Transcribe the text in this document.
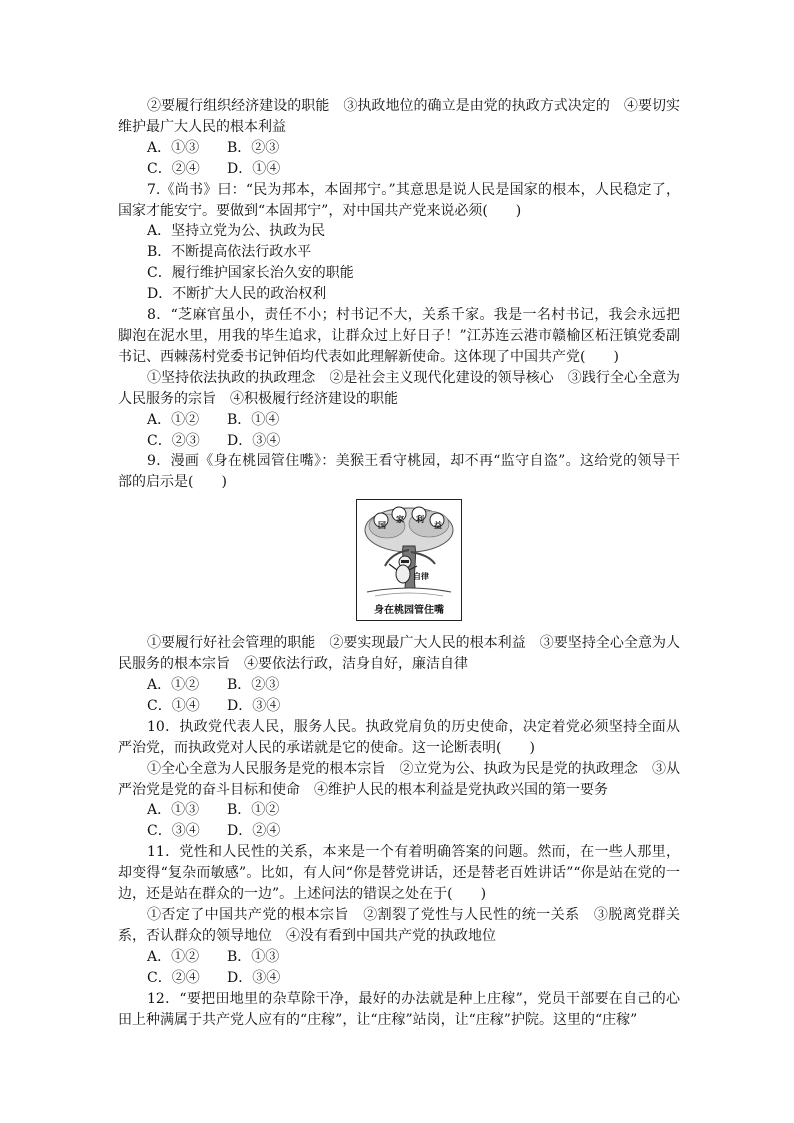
②要履行组织经济建设的职能　③执政地位的确立是由党的执政方式决定的　④要切实维护最广大人民的根本利益

A．①③ B．②③

C．②④ D．①④

7.《尚书》曰：“民为邦本，本固邦宁。”其意思是说人民是国家的根本，人民稳定了，国家才能安宁。要做到“本固邦宁”，对中国共产党来说必须(　　)

A．坚持立党为公、执政为民

B．不断提高依法行政水平

C．履行维护国家长治久安的职能

D．不断扩大人民的政治权利

8．“芝麻官虽小，责任不小；村书记不大，关系千家。我是一名村书记，我会永远把脚泡在泥水里，用我的毕生追求，让群众过上好日子！”江苏连云港市赣榆区柘汪镇党委副书记、西棘荡村党委书记钟佰均代表如此理解新使命。这体现了中国共产党(　　)

①坚持依法执政的执政理念　②是社会主义现代化建设的领导核心　③践行全心全意为人民服务的宗旨　④积极履行经济建设的职能

A．①② B．①④

C．②③ D．③④

9．漫画《身在桃园管住嘴》：美猴王看守桃园，却不再“监守自盗”。这给党的领导干部的启示是(　　)

国
家 利
益
自律
身在桃园管住嘴

①要履行好社会管理的职能　②要实现最广大人民的根本利益　③要坚持全心全意为人民服务的根本宗旨　④要依法行政，洁身自好，廉洁自律

A．①② B．②③

C．①④ D．③④

10．执政党代表人民，服务人民。执政党肩负的历史使命，决定着党必须坚持全面从严治党，而执政党对人民的承诺就是它的使命。这一论断表明(　　)

①全心全意为人民服务是党的根本宗旨　②立党为公、执政为民是党的执政理念　③从严治党是党的奋斗目标和使命　④维护人民的根本利益是党执政兴国的第一要务

A．①③ B．①②

C．③④ D．②④

11．党性和人民性的关系，本来是一个有着明确答案的问题。然而，在一些人那里，却变得“复杂而敏感”。比如，有人问“你是替党讲话，还是替老百姓讲话”“你是站在党的一边，还是站在群众的一边”。上述问法的错误之处在于(　　)

①否定了中国共产党的根本宗旨　②割裂了党性与人民性的统一关系　③脱离党群关系，否认群众的领导地位　④没有看到中国共产党的执政地位

A．①② B．①③

C．②④ D．③④

12．“要把田地里的杂草除干净，最好的办法就是种上庄稼”，党员干部要在自己的心田上种满属于共产党人应有的“庄稼”，让“庄稼”站岗，让“庄稼”护院。这里的“庄稼”
